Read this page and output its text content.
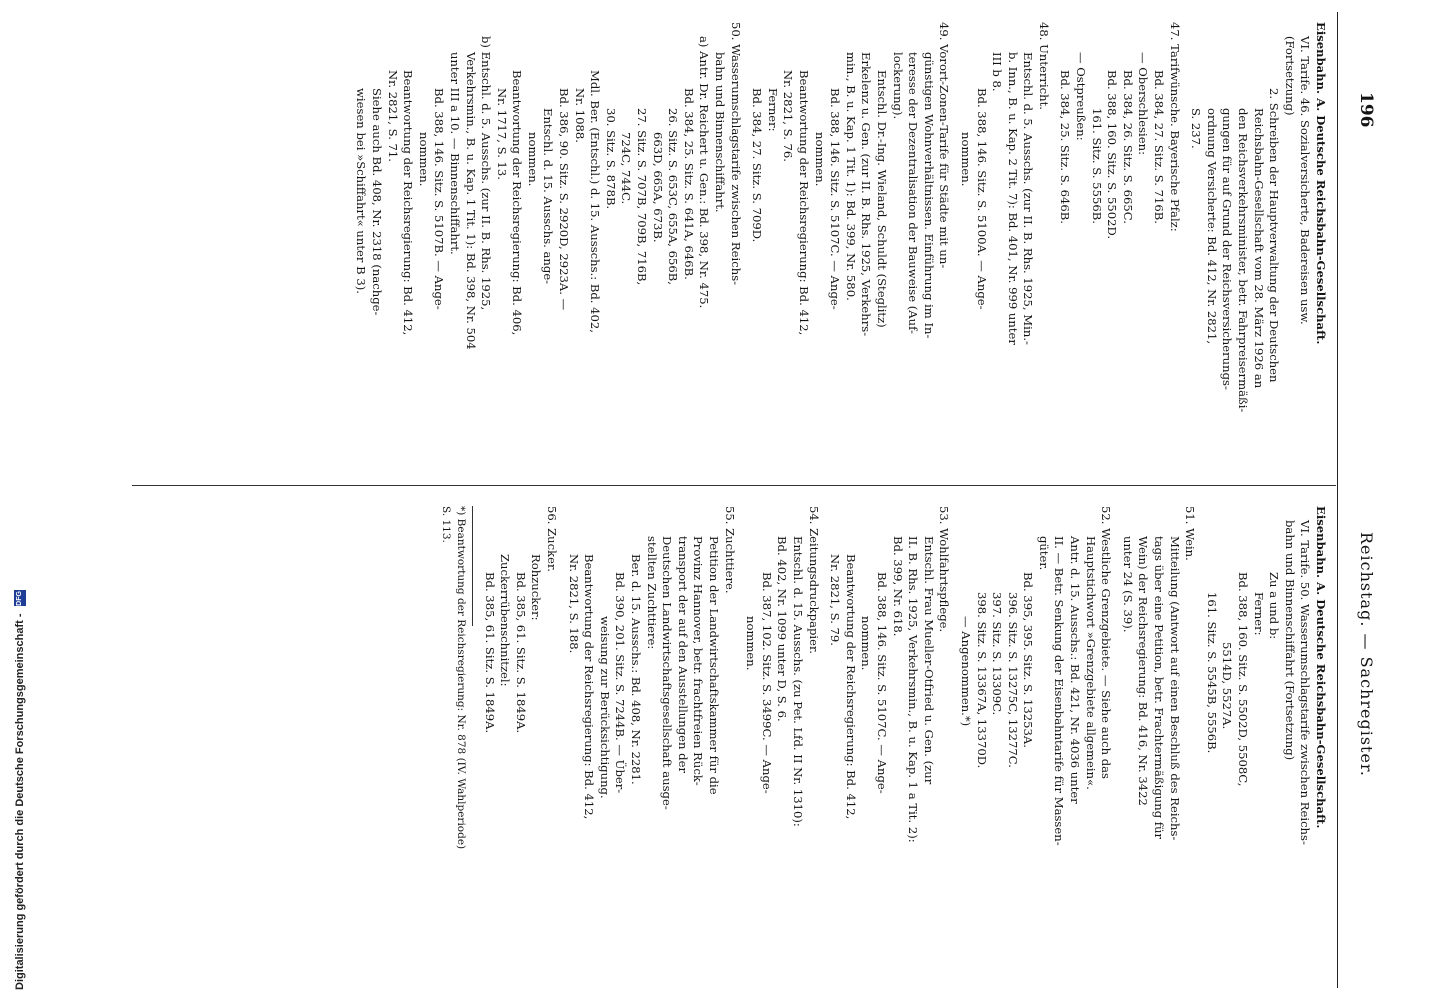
196
Reichstag. — Sachregister.
Eisenbahn. A. Deutsche Reichsbahn-Gesellschaft.
VI. Tarife. 46. Sozialversicherte, Badereisen usw.
(Fortsetzung)
2. Schreiben der Hauptverwaltung der Deutschen
Reichsbahn-Gesellschaft vom 28. März 1926 an
den Reichsverkehrsminister, betr. Fahrpreisermäßi-
gungen für auf Grund der Reichsversicherungs-
ordnung Versicherte: Bd. 412, Nr. 2821,
S. 237.
47. Tarifwünsche. Bayerische Pfalz:
Bd. 384, 27. Sitz. S. 716B.
— Oberschlesien:
Bd. 384, 26. Sitz. S. 665C.
Bd. 388, 160. Sitz. S. 5502D.
161. Sitz. S. 5556B.
— Ostpreußen:
Bd. 384, 25. Sitz. S. 646B.
48. Unterricht.
Entschl. d. 5. Ausschs. (zur II. B. Rhs. 1925, Min.-
b. Inn., B. u. Kap. 2 Tit. 7): Bd. 401, Nr. 999 unter
III b 8.
Bd. 388, 146. Sitz. S. 5100A. — Ange-
nommen.
49. Vorort-Zonen-Tarife für Städte mit un-
günstigen Wohnverhältnissen. Einführung im In-
teresse der Dezentralisation der Bauweise (Auf-
lockerung).
Entschl. Dr.-Ing. Wieland, Schuldt (Steglitz)
Erkelenz u. Gen. (zur II. B. Rhs. 1925, Verkehrs-
min., B. u. Kap. 1 Tit. 1): Bd. 399, Nr. 580.
Bd. 388, 146. Sitz. S. 5107C. — Ange-
nommen.
Beantwortung der Reichsregierung: Bd. 412,
Nr. 2821, S. 76.
Ferner:
Bd. 384, 27. Sitz. S. 709D.
50. Wasserumschlagstarife zwischen Reichs-
bahn und Binnenschiffahrt.
a) Antr. Dr. Reichert u. Gen.: Bd. 398, Nr. 475.
Bd. 384, 25. Sitz. S. 641A, 646B.
26. Sitz. S. 653C, 655A, 656B,
663D, 665A, 673B.
27. Sitz. S. 707B, 709B, 716B,
724C, 744C.
30. Sitz. S. 878B.
Mdl. Ber. (Entschl.) d. 15. Ausschs.: Bd. 402,
Nr. 1088.
Bd. 386, 90. Sitz. S. 2920D, 2923A. —
Entschl. d. 15. Ausschs. ange-
nommen.
Beantwortung der Reichsregierung: Bd. 406,
Nr. 1717, S. 13.
b) Entschl. d. 5. Ausschs. (zur II. B. Rhs. 1925,
Verkehrsmin., B. u. Kap. 1 Tit. 1): Bd. 398, Nr. 504
unter III a 10. — Binnenschiffahrt.
Bd. 388, 146. Sitz. S. 5107B. — Ange-
nommen.
Beantwortung der Reichsregierung: Bd. 412,
Nr. 2821, S. 71.
Siehe auch Bd. 408, Nr. 2318 (nachge-
wiesen bei »Schiffahrt« unter B 3).
Eisenbahn. A. Deutsche Reichsbahn-Gesellschaft.
VI. Tarife. 50. Wasserumschlagstarife zwischen Reichs-
bahn und Binnenschiffahrt (Fortsetzung)
Zu a und b:
Ferner:
Bd. 388, 160. Sitz. S. 5502D, 5508C,
5514D, 5527A.
161. Sitz. S. 5545B, 5556B.
51. Wein.
Mitteilung (Antwort auf einen Beschluß des Reichs-
tags über eine Petition, betr. Frachtermäßigung für
Wein) der Reichsregierung: Bd. 416, Nr. 3422
unter 24 (S. 39).
52. Westliche Grenzgebiete. — Siehe auch das
Hauptstichwort »Grenzgebiete allgemein«.
Antr. d. 15. Ausschs.: Bd. 421, Nr. 4036 unter
II. — Betr. Senkung der Eisenbahntarife für Massen-
güter.
Bd. 395, 395. Sitz. S. 13253A.
396. Sitz. S. 13275C, 13277C.
397. Sitz. S. 13309C.
398. Sitz. S. 13367A, 13370D.
— Angenommen.*)
53. Wohlfahrtspflege.
Entschl. Frau Mueller-Otfried u. Gen. (zur
II. B. Rhs. 1925, Verkehrsmin., B. u. Kap. 1 a Tit. 2):
Bd. 399, Nr. 618.
Bd. 388, 146. Sitz. S. 5107C. — Ange-
nommen.
Beantwortung der Reichsregierung: Bd. 412,
Nr. 2821, S. 79.
54. Zeitungsdruckpapier.
Entschl. d. 15. Ausschs. (zu Pet. Lfd. II Nr. 1310):
Bd. 402, Nr. 1099 unter D, S. 6.
Bd. 387, 102. Sitz. S. 3499C. — Ange-
nommen.
55. Zuchttiere.
Petition der Landwirtschaftskammer für die
Provinz Hannover, betr. frachtfreien Rück-
transport der auf den Ausstellungen der
Deutschen Landwirtschaftsgesellschaft ausge-
stellten Zuchttiere:
Ber. d. 15. Ausschs.: Bd. 408, Nr. 2281.
Bd. 390, 201. Sitz. S. 7244B. — Über-
weisung zur Berücksichtigung.
Beantwortung der Reichsregierung: Bd. 412,
Nr. 2821, S. 188.
56. Zucker.
Rohzucker:
Bd. 385, 61. Sitz. S. 1849A.
Zuckerrübenschnitzel:
Bd. 385, 61. Sitz. S. 1849A.
*) Beantwortung der Reichsregierung: Nr. 878 (IV. Wahlperiode)
S. 113.
Digitalisierung gefördert durch die Deutsche Forschungsgemeinschaft - DFG
